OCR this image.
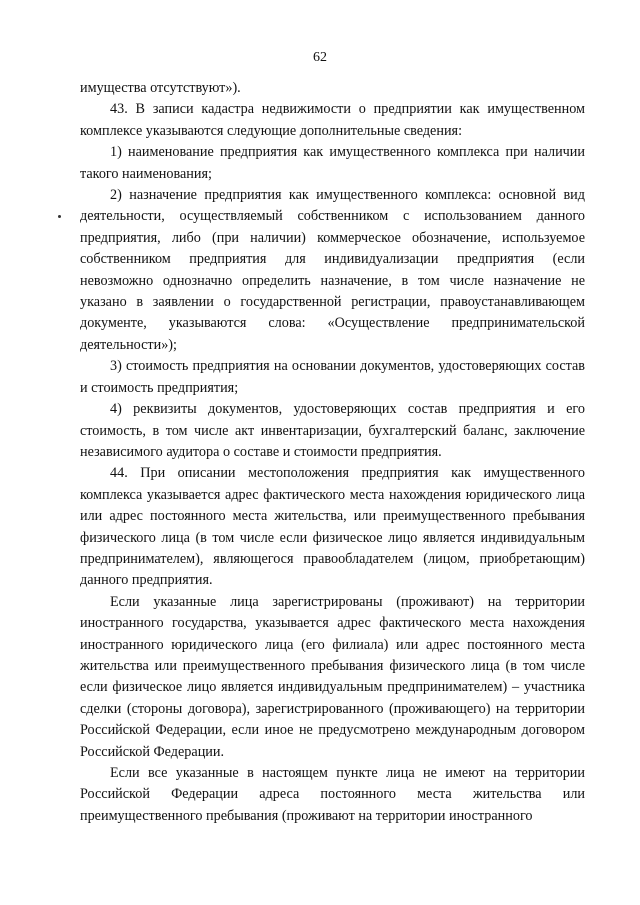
62

имущества отсутствуют»).

43. В записи кадастра недвижимости о предприятии как имущественном комплексе указываются следующие дополнительные сведения:

1) наименование предприятия как имущественного комплекса при наличии такого наименования;

2) назначение предприятия как имущественного комплекса: основной вид деятельности, осуществляемый собственником с использованием данного предприятия, либо (при наличии) коммерческое обозначение, используемое собственником предприятия для индивидуализации предприятия (если невозможно однозначно определить назначение, в том числе назначение не указано в заявлении о государственной регистрации, правоустанавливающем документе, указываются слова: «Осуществление предпринимательской деятельности»);

3) стоимость предприятия на основании документов, удостоверяющих состав и стоимость предприятия;

4) реквизиты документов, удостоверяющих состав предприятия и его стоимость, в том числе акт инвентаризации, бухгалтерский баланс, заключение независимого аудитора о составе и стоимости предприятия.

44. При описании местоположения предприятия как имущественного комплекса указывается адрес фактического места нахождения юридического лица или адрес постоянного места жительства, или преимущественного пребывания физического лица (в том числе если физическое лицо является индивидуальным предпринимателем), являющегося правообладателем (лицом, приобретающим) данного предприятия.

Если указанные лица зарегистрированы (проживают) на территории иностранного государства, указывается адрес фактического места нахождения иностранного юридического лица (его филиала) или адрес постоянного места жительства или преимущественного пребывания физического лица (в том числе если физическое лицо является индивидуальным предпринимателем) – участника сделки (стороны договора), зарегистрированного (проживающего) на территории Российской Федерации, если иное не предусмотрено международным договором Российской Федерации.

Если все указанные в настоящем пункте лица не имеют на территории Российской Федерации адреса постоянного места жительства или преимущественного пребывания (проживают на территории иностранного
